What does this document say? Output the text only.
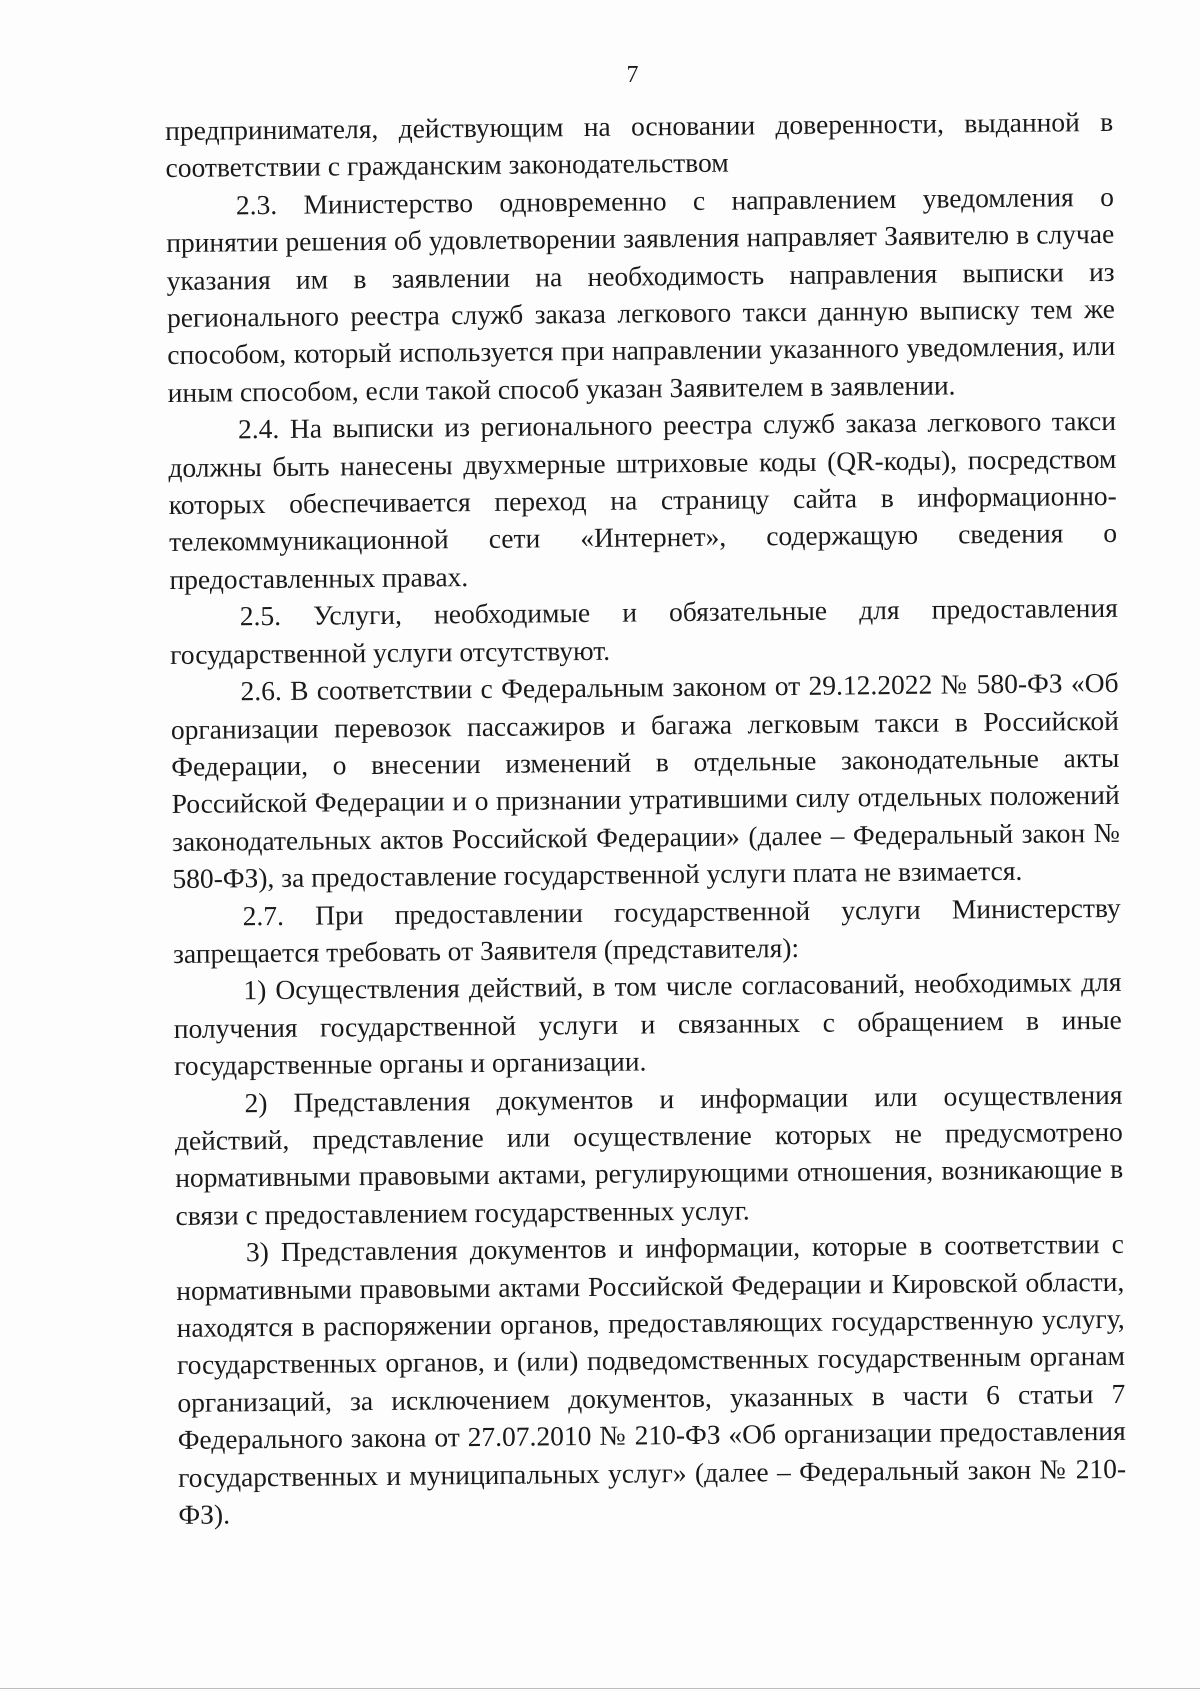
7

предпринимателя, действующим на основании доверенности, выданной в соответствии с гражданским законодательством

2.3. Министерство одновременно с направлением уведомления о принятии решения об удовлетворении заявления направляет Заявителю в случае указания им в заявлении на необходимость направления выписки из регионального реестра служб заказа легкового такси данную выписку тем же способом, который используется при направлении указанного уведомления, или иным способом, если такой способ указан Заявителем в заявлении.

2.4. На выписки из регионального реестра служб заказа легкового такси должны быть нанесены двухмерные штриховые коды (QR-коды), посредством которых обеспечивается переход на страницу сайта в информационно-телекоммуникационной сети «Интернет», содержащую сведения о предоставленных правах.

2.5. Услуги, необходимые и обязательные для предоставления государственной услуги отсутствуют.

2.6. В соответствии с Федеральным законом от 29.12.2022 № 580-ФЗ «Об организации перевозок пассажиров и багажа легковым такси в Российской Федерации, о внесении изменений в отдельные законодательные акты Российской Федерации и о признании утратившими силу отдельных положений законодательных актов Российской Федерации» (далее – Федеральный закон № 580-ФЗ), за предоставление государственной услуги плата не взимается.

2.7. При предоставлении государственной услуги Министерству запрещается требовать от Заявителя (представителя):

1) Осуществления действий, в том числе согласований, необходимых для получения государственной услуги и связанных с обращением в иные государственные органы и организации.

2) Представления документов и информации или осуществления действий, представление или осуществление которых не предусмотрено нормативными правовыми актами, регулирующими отношения, возникающие в связи с предоставлением государственных услуг.

3) Представления документов и информации, которые в соответствии с нормативными правовыми актами Российской Федерации и Кировской области, находятся в распоряжении органов, предоставляющих государственную услугу, государственных органов, и (или) подведомственных государственным органам организаций, за исключением документов, указанных в части 6 статьи 7 Федерального закона от 27.07.2010 № 210-ФЗ «Об организации предоставления государственных и муниципальных услуг» (далее – Федеральный закон № 210-ФЗ).
